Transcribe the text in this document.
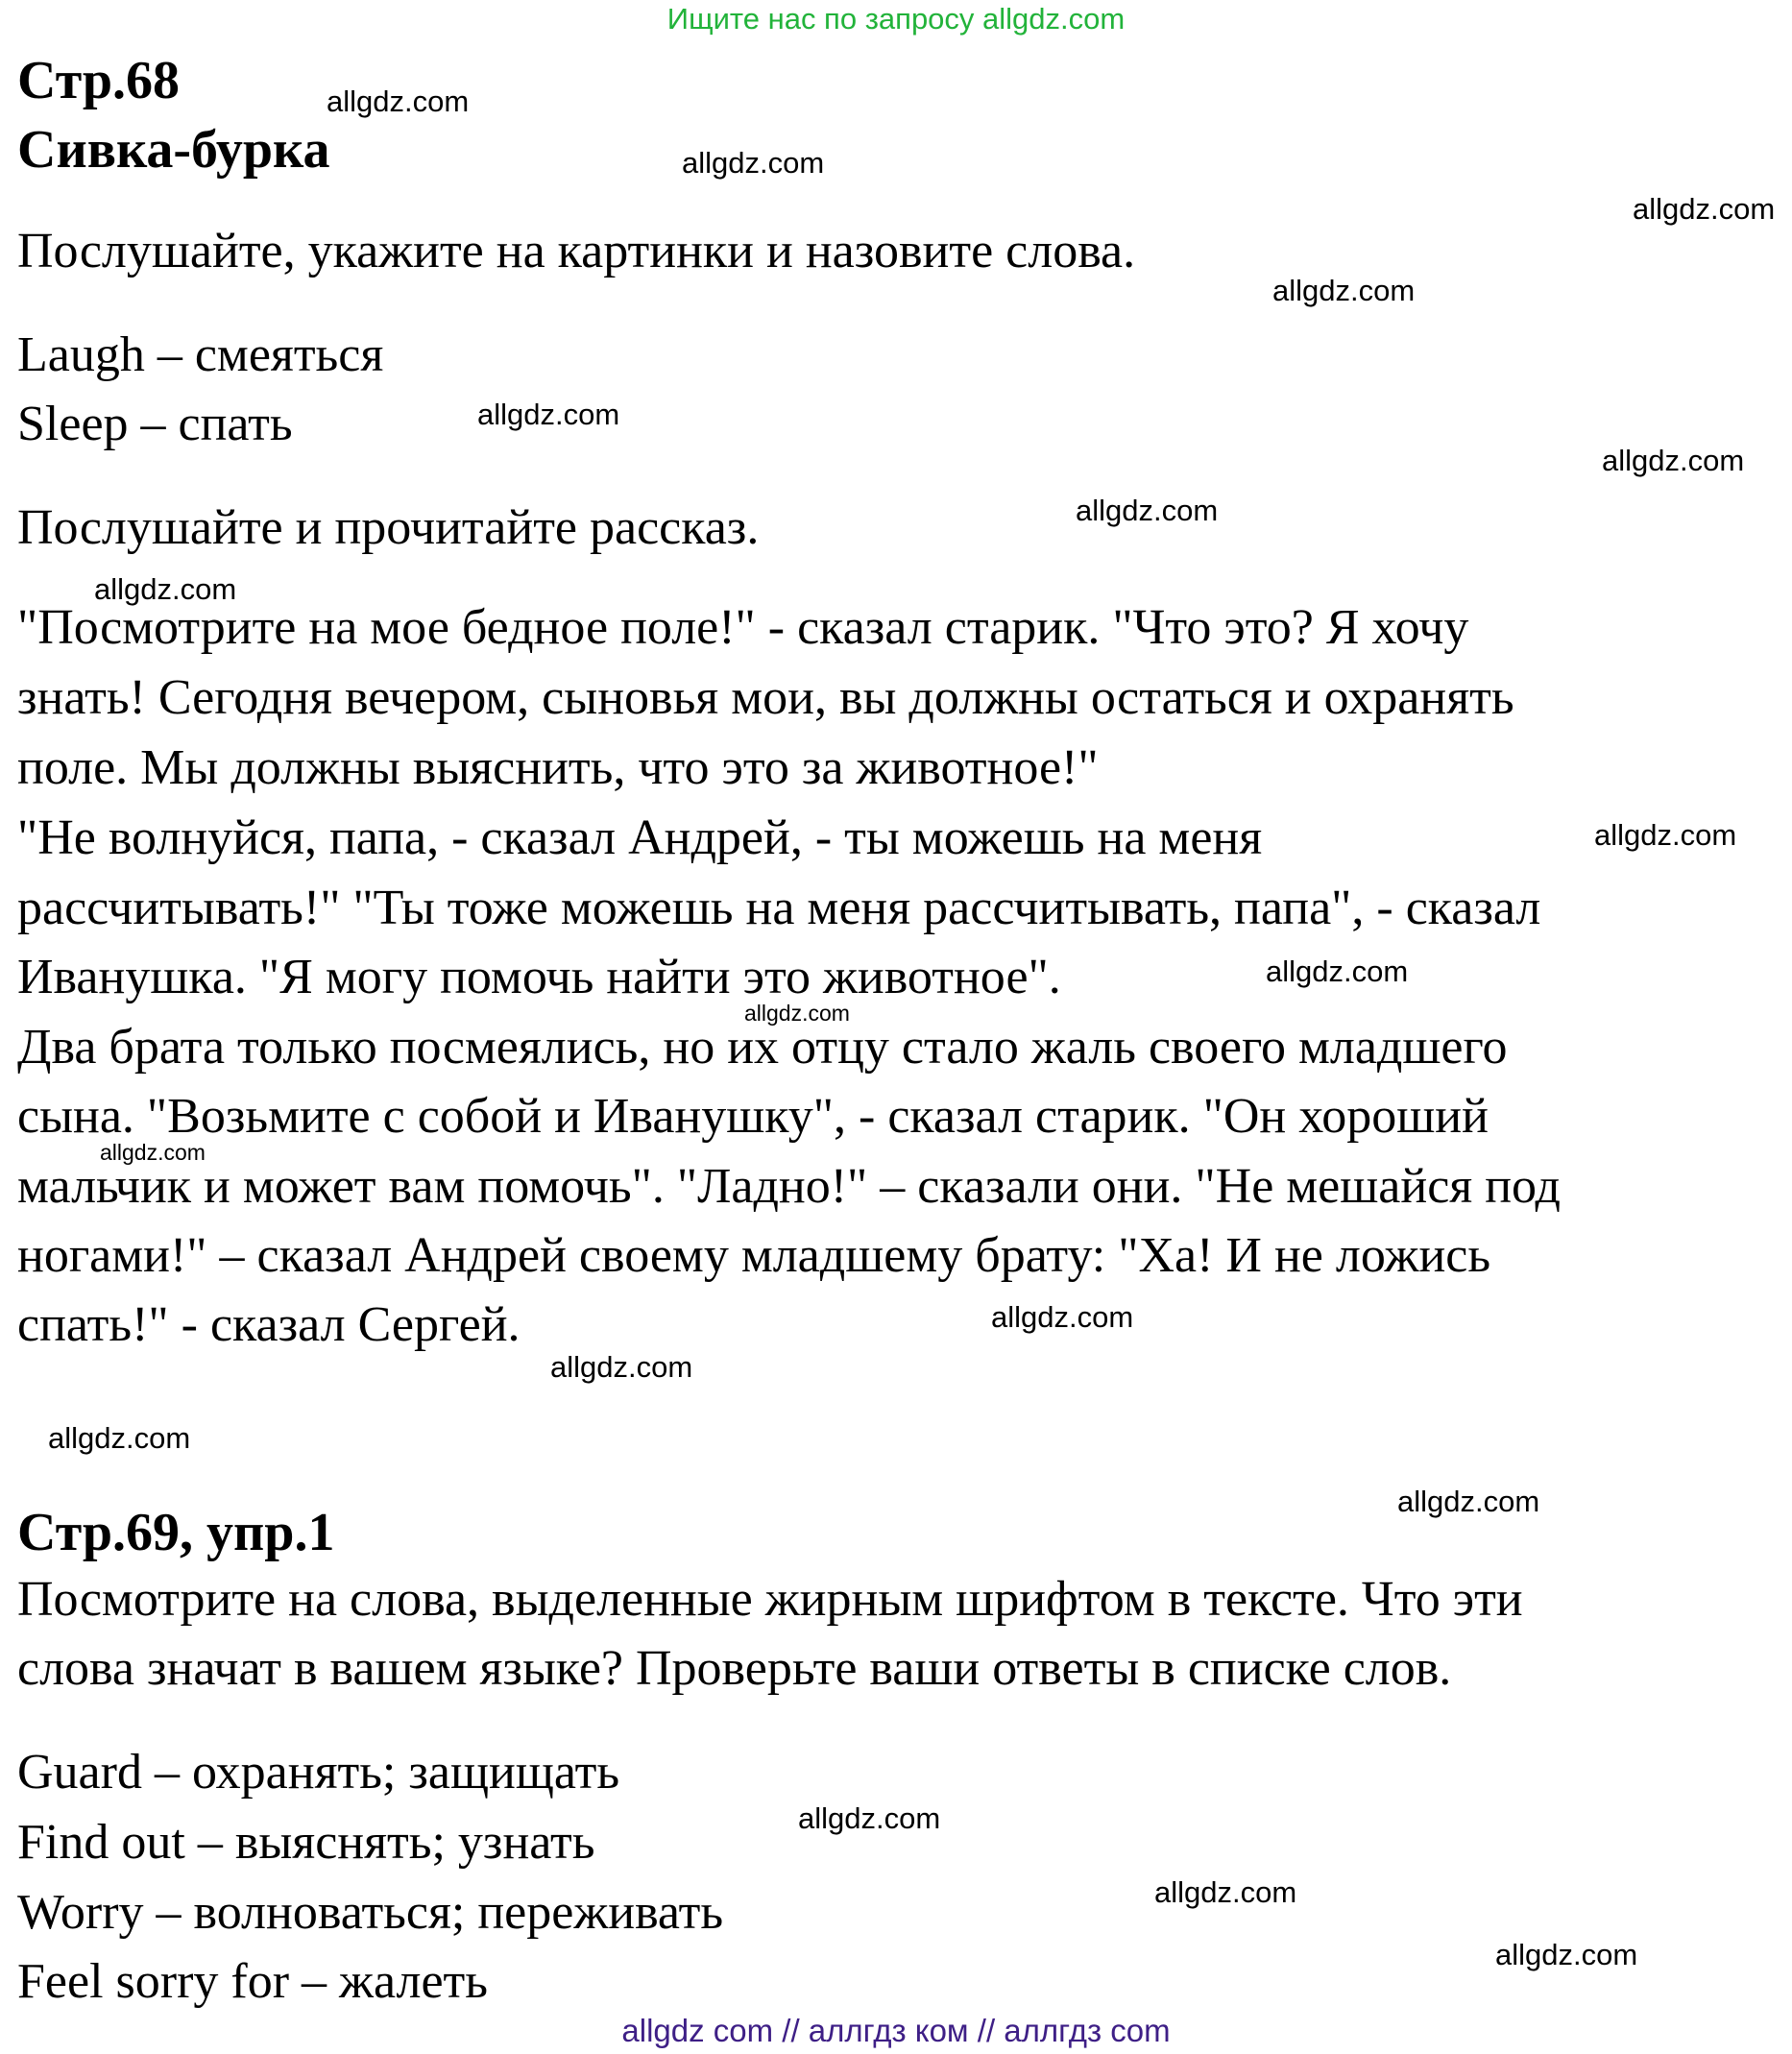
Ищите нас по запросу allgdz.com
Стр.68
Сивка-бурка
Послушайте, укажите на картинки и назовите слова.
Laugh – смеяться
Sleep – спать
Послушайте и прочитайте рассказ.
"Посмотрите на мое бедное поле!" - сказал старик. "Что это? Я хочу
знать! Сегодня вечером, сыновья мои, вы должны остаться и охранять
поле. Мы должны выяснить, что это за животное!"
"Не волнуйся, папа, - сказал Андрей, - ты можешь на меня
рассчитывать!" "Ты тоже можешь на меня рассчитывать, папа", - сказал
Иванушка. "Я могу помочь найти это животное".
Два брата только посмеялись, но их отцу стало жаль своего младшего
сына. "Возьмите с собой и Иванушку", - сказал старик. "Он хороший
мальчик и может вам помочь". "Ладно!" – сказали они. "Не мешайся под
ногами!" – сказал Андрей своему младшему брату: "Ха! И не ложись
спать!" - сказал Сергей.
Стр.69, упр.1
Посмотрите на слова, выделенные жирным шрифтом в тексте. Что эти
слова значат в вашем языке? Проверьте ваши ответы в списке слов.
Guard – охранять; защищать
Find out – выяснять; узнать
Worry – волноваться; переживать
Feel sorry for – жалеть
allgdz.com
allgdz.com
allgdz.com
allgdz.com
allgdz.com
allgdz.com
allgdz.com
allgdz.com
allgdz.com
allgdz.com
allgdz.com
allgdz.com
allgdz.com
allgdz.com
allgdz.com
allgdz.com
allgdz.com
allgdz.com
allgdz.com
allgdz com // аллгдз ком // аллгдз com
